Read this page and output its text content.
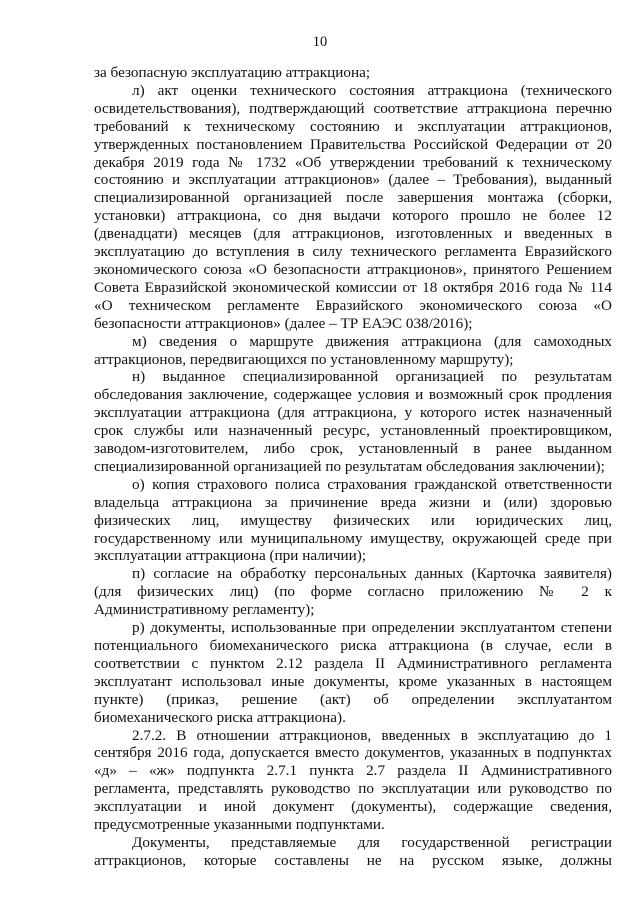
10

за безопасную эксплуатацию аттракциона;

л) акт оценки технического состояния аттракциона (технического освидетельствования), подтверждающий соответствие аттракциона перечню требований к техническому состоянию и эксплуатации аттракционов, утвержденных постановлением Правительства Российской Федерации от 20 декабря 2019 года № 1732 «Об утверждении требований к техническому состоянию и эксплуатации аттракционов» (далее – Требования), выданный специализированной организацией после завершения монтажа (сборки, установки) аттракциона, со дня выдачи которого прошло не более 12 (двенадцати) месяцев (для аттракционов, изготовленных и введенных в эксплуатацию до вступления в силу технического регламента Евразийского экономического союза «О безопасности аттракционов», принятого Решением Совета Евразийской экономической комиссии от 18 октября 2016 года № 114 «О техническом регламенте Евразийского экономического союза «О безопасности аттракционов» (далее – ТР ЕАЭС 038/2016);

м) сведения о маршруте движения аттракциона (для самоходных аттракционов, передвигающихся по установленному маршруту);

н) выданное специализированной организацией по результатам обследования заключение, содержащее условия и возможный срок продления эксплуатации аттракциона (для аттракциона, у которого истек назначенный срок службы или назначенный ресурс, установленный проектировщиком, заводом-изготовителем, либо срок, установленный в ранее выданном специализированной организацией по результатам обследования заключении);

о) копия страхового полиса страхования гражданской ответственности владельца аттракциона за причинение вреда жизни и (или) здоровью физических лиц, имуществу физических или юридических лиц, государственному или муниципальному имуществу, окружающей среде при эксплуатации аттракциона (при наличии);

п) согласие на обработку персональных данных (Карточка заявителя) (для физических лиц) (по форме согласно приложению № 2 к Административному регламенту);

р) документы, использованные при определении эксплуатантом степени потенциального биомеханического риска аттракциона (в случае, если в соответствии с пунктом 2.12 раздела II Административного регламента эксплуатант использовал иные документы, кроме указанных в настоящем пункте) (приказ, решение (акт) об определении эксплуатантом биомеханического риска аттракциона).

2.7.2. В отношении аттракционов, введенных в эксплуатацию до 1 сентября 2016 года, допускается вместо документов, указанных в подпунктах «д» – «ж» подпункта 2.7.1 пункта 2.7 раздела II Административного регламента, представлять руководство по эксплуатации или руководство по эксплуатации и иной документ (документы), содержащие сведения, предусмотренные указанными подпунктами.

Документы, представляемые для государственной регистрации аттракционов, которые составлены не на русском языке, должны
